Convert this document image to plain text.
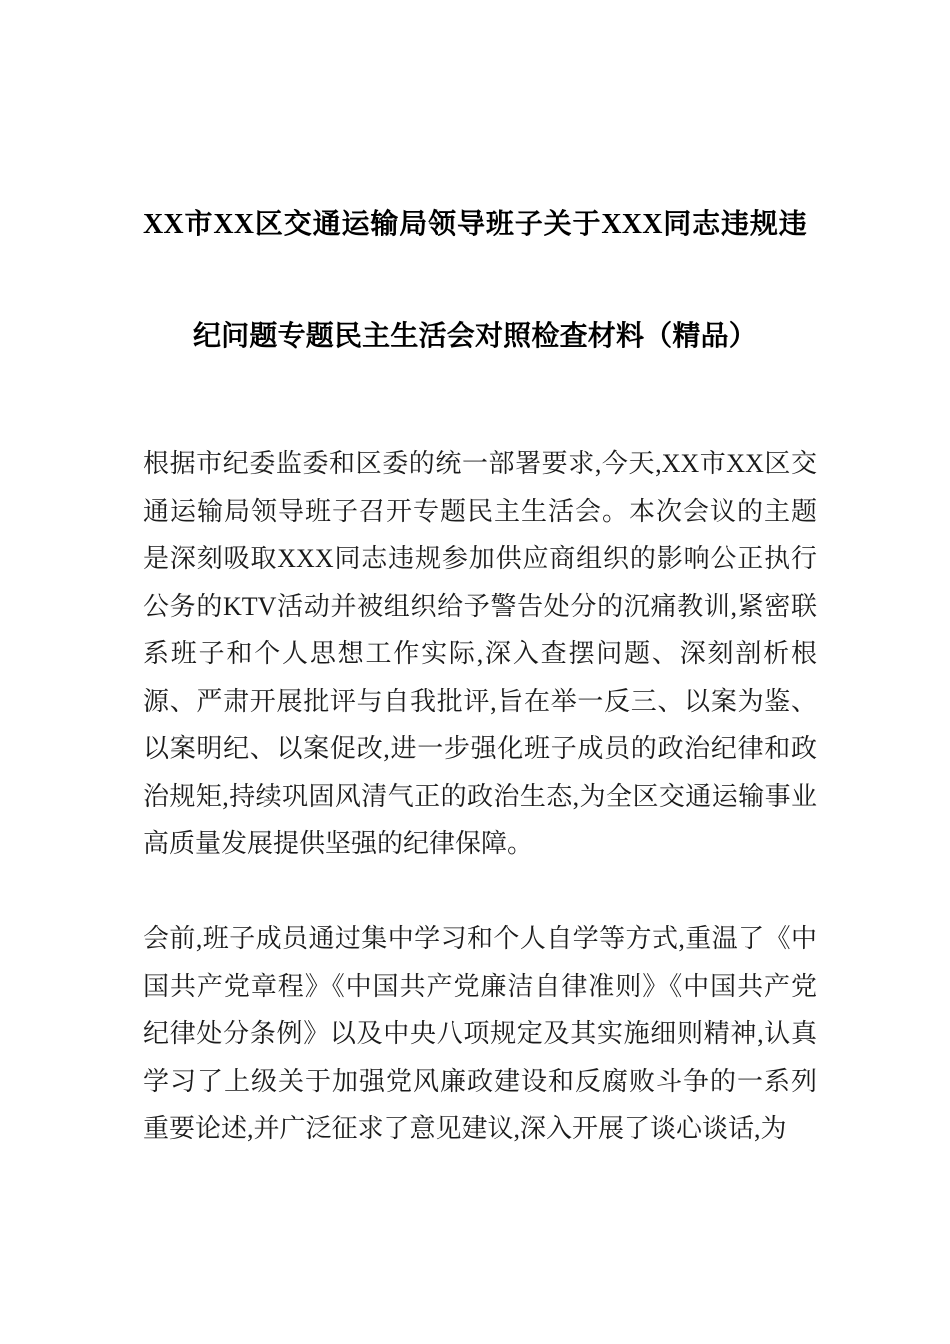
XX市XX区交通运输局领导班子关于XXX同志违规违纪问题专题民主生活会对照检查材料（精品）

根据市纪委监委和区委的统一部署要求,今天,XX市XX区交通运输局领导班子召开专题民主生活会。本次会议的主题是深刻吸取XXX同志违规参加供应商组织的影响公正执行公务的KTV活动并被组织给予警告处分的沉痛教训,紧密联系班子和个人思想工作实际,深入查摆问题、深刻剖析根源、严肃开展批评与自我批评,旨在举一反三、以案为鉴、以案明纪、以案促改,进一步强化班子成员的政治纪律和政治规矩,持续巩固风清气正的政治生态,为全区交通运输事业高质量发展提供坚强的纪律保障。

会前,班子成员通过集中学习和个人自学等方式,重温了《中国共产党章程》《中国共产党廉洁自律准则》《中国共产党纪律处分条例》以及中央八项规定及其实施细则精神,认真学习了上级关于加强党风廉政建设和反腐败斗争的一系列重要论述,并广泛征求了意见建议,深入开展了谈心谈话,为
